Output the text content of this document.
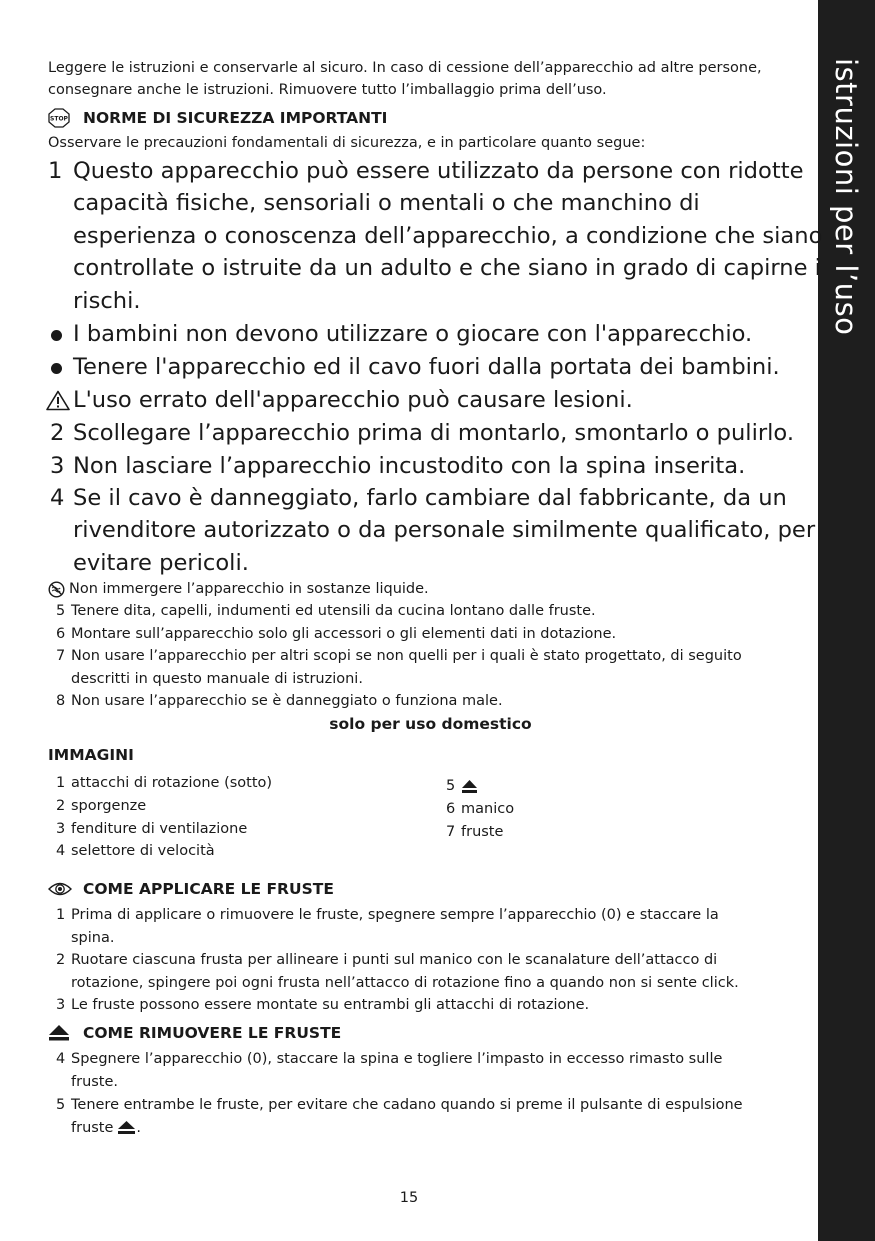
istruzioni per l’uso
Leggere le istruzioni e conservarle al sicuro. In caso di cessione dell’apparecchio ad altre persone,
consegnare anche le istruzioni. Rimuovere tutto l’imballaggio prima dell’uso.
STOP NORME DI SICUREZZA IMPORTANTI
Osservare le precauzioni fondamentali di sicurezza, e in particolare quanto segue:
1 Questo apparecchio può essere utilizzato da persone con ridotte
capacità fisiche, sensoriali o mentali o che manchino di
esperienza o conoscenza dell’apparecchio, a condizione che siano
controllate o istruite da un adulto e che siano in grado di capirne i
rischi.
I bambini non devono utilizzare o giocare con l'apparecchio.
Tenere l'apparecchio ed il cavo fuori dalla portata dei bambini.
L'uso errato dell'apparecchio può causare lesioni.
2 Scollegare l’apparecchio prima di montarlo, smontarlo o pulirlo.
3 Non lasciare l’apparecchio incustodito con la spina inserita.
4 Se il cavo è danneggiato, farlo cambiare dal fabbricante, da un
rivenditore autorizzato o da personale similmente qualificato, per
evitare pericoli.
Non immergere l’apparecchio in sostanze liquide.
5 Tenere dita, capelli, indumenti ed utensili da cucina lontano dalle fruste.
6 Montare sull’apparecchio solo gli accessori o gli elementi dati in dotazione.
7 Non usare l’apparecchio per altri scopi se non quelli per i quali è stato progettato, di seguito
descritti in questo manuale di istruzioni.
8 Non usare l’apparecchio se è danneggiato o funziona male.
solo per uso domestico
IMMAGINI
1 attacchi di rotazione (sotto)
2 sporgenze
3 fenditure di ventilazione
4 selettore di velocità
5
6 manico
7 fruste
COME APPLICARE LE FRUSTE
1 Prima di applicare o rimuovere le fruste, spegnere sempre l’apparecchio (0) e staccare la
spina.
2 Ruotare ciascuna frusta per allineare i punti sul manico con le scanalature dell’attacco di
rotazione, spingere poi ogni frusta nell’attacco di rotazione fino a quando non si sente click.
3 Le fruste possono essere montate su entrambi gli attacchi di rotazione.
COME RIMUOVERE LE FRUSTE
4 Spegnere l’apparecchio (0), staccare la spina e togliere l’impasto in eccesso rimasto sulle
fruste.
5 Tenere entrambe le fruste, per evitare che cadano quando si preme il pulsante di espulsione
fruste .
15
